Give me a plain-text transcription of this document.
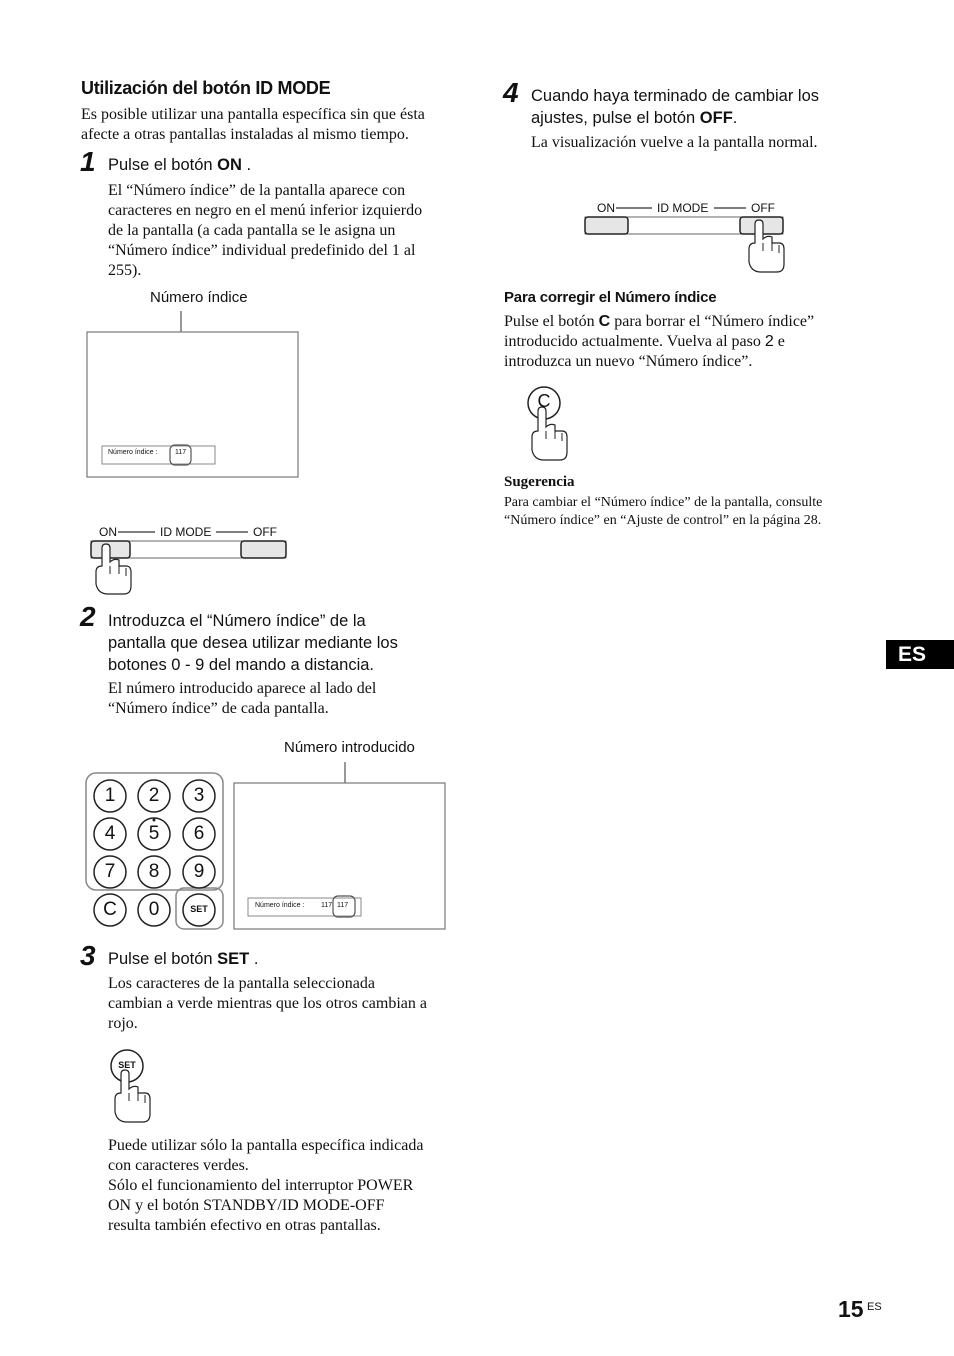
Utilización del botón ID MODE
Es posible utilizar una pantalla específica sin que ésta
afecte a otras pantallas instaladas al mismo tiempo.
1 Pulse el botón ON .
El “Número índice” de la pantalla aparece con
caracteres en negro en el menú inferior izquierdo
de la pantalla (a cada pantalla se le asigna un
“Número índice” individual predefinido del 1 al
255).
Número índice
Número índice :	117
ON	ID MODE	OFF
2 Introduzca el “Número índice” de la
pantalla que desea utilizar mediante los
botones 0 - 9 del mando a distancia.
El número introducido aparece al lado del
“Número índice” de cada pantalla.
Número introducido
1	2	3
4	5	6
7	8	9
C	0	SET	Número índice : 117 117
3 Pulse el botón SET .
Los caracteres de la pantalla seleccionada
cambian a verde mientras que los otros cambian a
rojo.
SET
Puede utilizar sólo la pantalla específica indicada
con caracteres verdes.
Sólo el funcionamiento del interruptor POWER
ON y el botón STANDBY/ID MODE-OFF
resulta también efectivo en otras pantallas.
4 Cuando haya terminado de cambiar los
ajustes, pulse el botón OFF.
La visualización vuelve a la pantalla normal.
ON	ID MODE	OFF
Para corregir el Número índice
Pulse el botón C para borrar el “Número índice”
introducido actualmente. Vuelva al paso 2 e
introduzca un nuevo “Número índice”.
C
Sugerencia
Para cambiar el “Número índice” de la pantalla, consulte
“Número índice” en “Ajuste de control” en la página 28.
ES
15 ES
